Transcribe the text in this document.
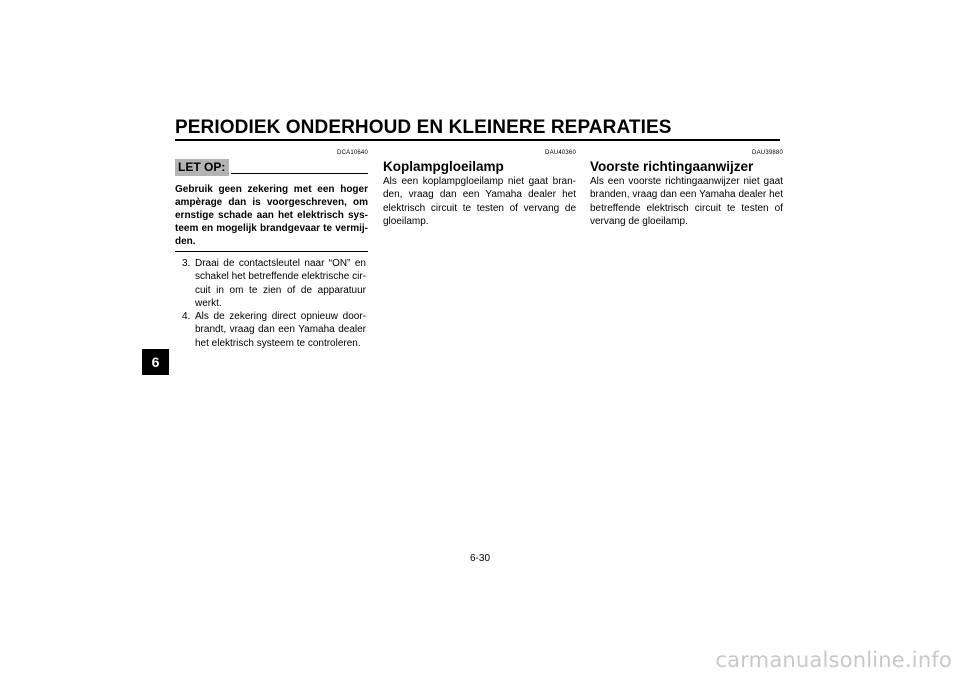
PERIODIEK ONDERHOUD EN KLEINERE REPARATIES
6
DCA10640
LET OP:
Gebruik geen zekering met een hoger ampèrage dan is voorgeschreven, om ernstige schade aan het elektrisch sys-teem en mogelijk brandgevaar te vermij-den.
3. Draai de contactsleutel naar “ON” en schakel het betreffende elektrische cir-cuit in om te zien of de apparatuur werkt.
4. Als de zekering direct opnieuw door-brandt, vraag dan een Yamaha dealer het elektrisch systeem te controleren.
DAU40360
Koplampgloeilamp
Als een koplampgloeilamp niet gaat bran-den, vraag dan een Yamaha dealer het elektrisch circuit te testen of vervang de gloeilamp.
DAU39880
Voorste richtingaanwijzer
Als een voorste richtingaanwijzer niet gaat branden, vraag dan een Yamaha dealer het betreffende elektrisch circuit te testen of vervang de gloeilamp.
6-30
carmanualsonline.info
